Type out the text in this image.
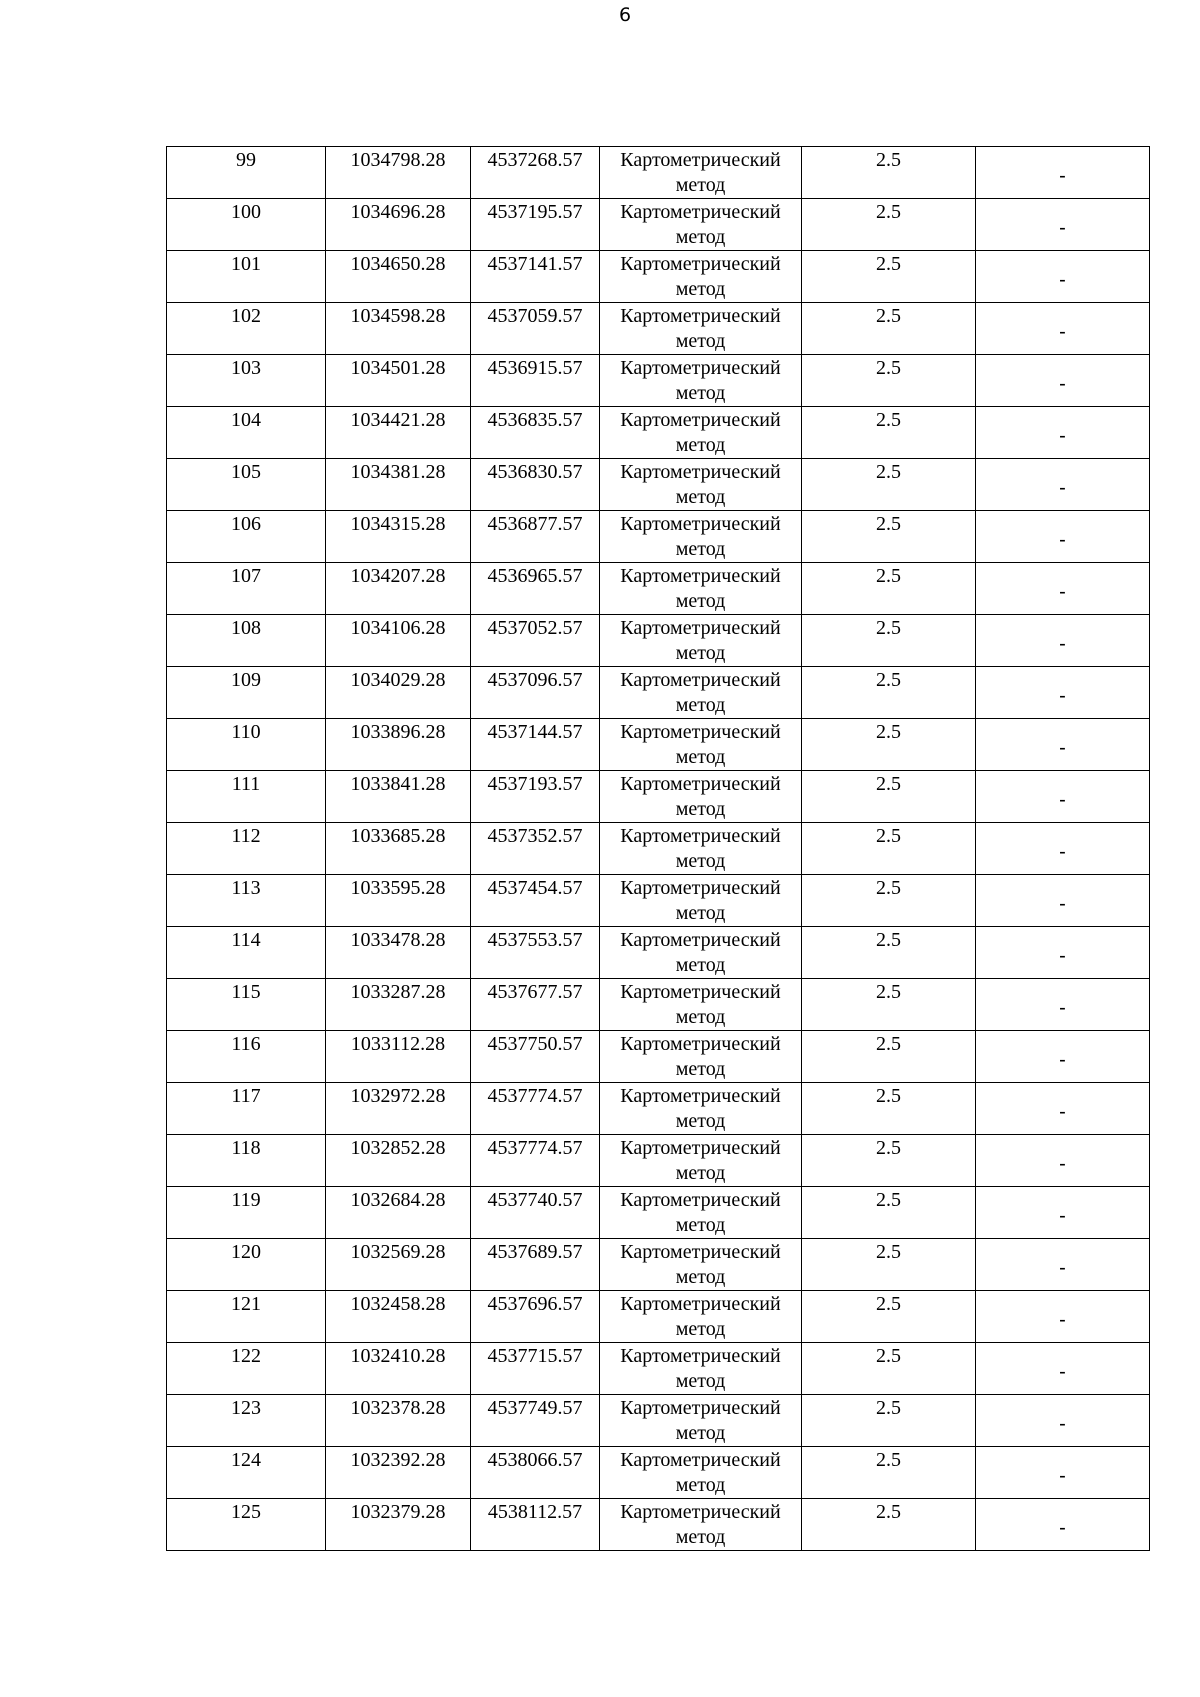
6
99	1034798.28	4537268.57	Картометрический метод	2.5	-

100	1034696.28	4537195.57	Картометрический метод	2.5	-

101	1034650.28	4537141.57	Картометрический метод	2.5	-

102	1034598.28	4537059.57	Картометрический метод	2.5	-

103	1034501.28	4536915.57	Картометрический метод	2.5	-

104	1034421.28	4536835.57	Картометрический метод	2.5	-

105	1034381.28	4536830.57	Картометрический метод	2.5	-

106	1034315.28	4536877.57	Картометрический метод	2.5	-

107	1034207.28	4536965.57	Картометрический метод	2.5	-

108	1034106.28	4537052.57	Картометрический метод	2.5	-

109	1034029.28	4537096.57	Картометрический метод	2.5	-

110	1033896.28	4537144.57	Картометрический метод	2.5	-

111	1033841.28	4537193.57	Картометрический метод	2.5	-

112	1033685.28	4537352.57	Картометрический метод	2.5	-

113	1033595.28	4537454.57	Картометрический метод	2.5	-

114	1033478.28	4537553.57	Картометрический метод	2.5	-

115	1033287.28	4537677.57	Картометрический метод	2.5	-

116	1033112.28	4537750.57	Картометрический метод	2.5	-

117	1032972.28	4537774.57	Картометрический метод	2.5	-

118	1032852.28	4537774.57	Картометрический метод	2.5	-

119	1032684.28	4537740.57	Картометрический метод	2.5	-

120	1032569.28	4537689.57	Картометрический метод	2.5	-

121	1032458.28	4537696.57	Картометрический метод	2.5	-

122	1032410.28	4537715.57	Картометрический метод	2.5	-

123	1032378.28	4537749.57	Картометрический метод	2.5	-

124	1032392.28	4538066.57	Картометрический метод	2.5	-

125	1032379.28	4538112.57	Картометрический метод	2.5	-
